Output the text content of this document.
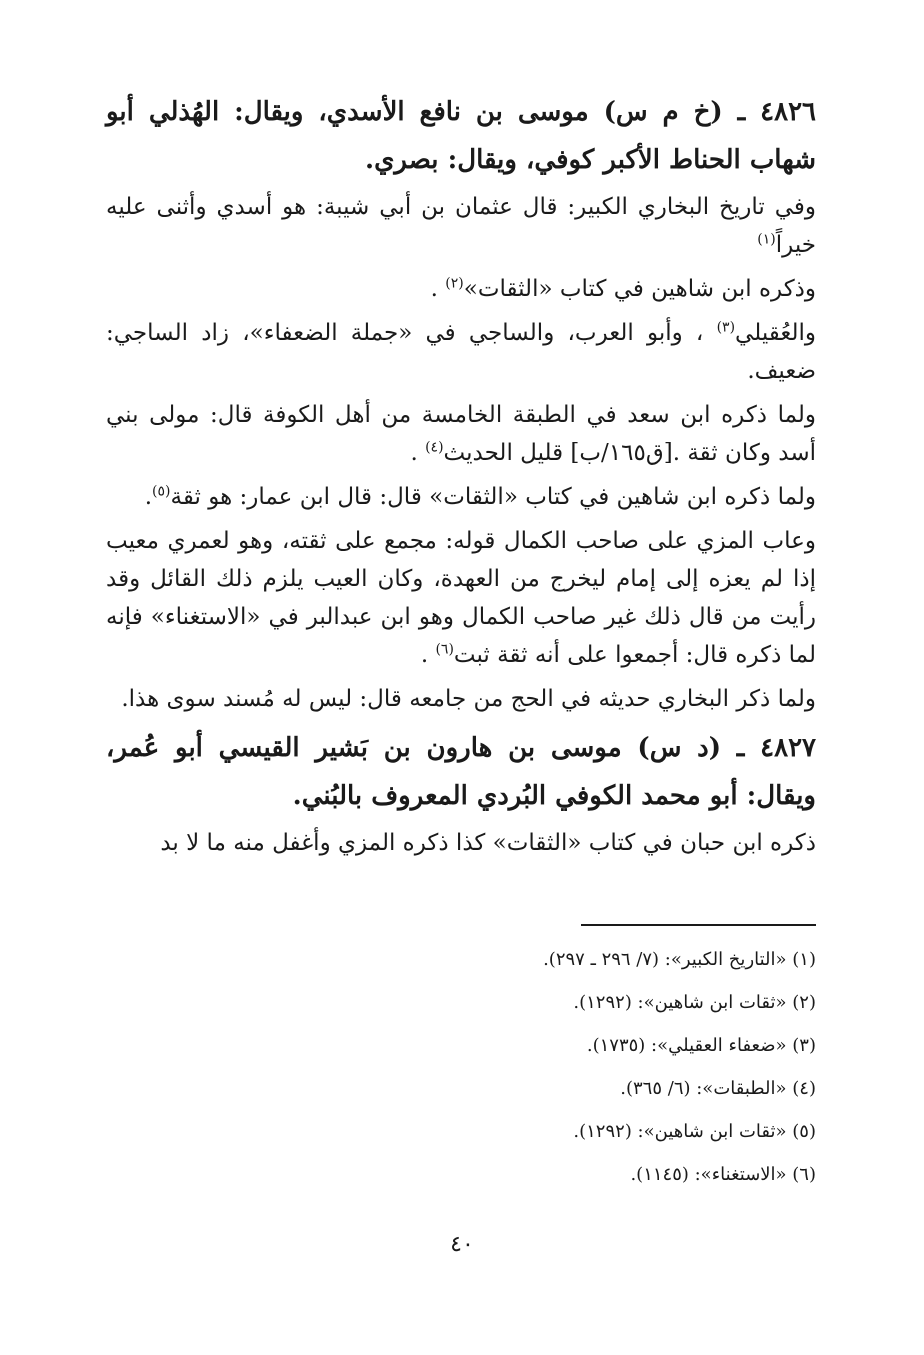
٤٨٢٦ ـ (خ م س) موسى بن نافع الأسدي، ويقال: الهُذلي أبو شهاب الحناط الأكبر كوفي، ويقال: بصري.

وفي تاريخ البخاري الكبير: قال عثمان بن أبي شيبة: هو أسدي وأثنى عليه خيراً$^{(١)}$

وذكره ابن شاهين في كتاب «الثقات»$^{(٢)}$ .

والعُقيلي$^{(٣)}$ ، وأبو العرب، والساجي في «جملة الضعفاء»، زاد الساجي: ضعيف.

ولما ذكره ابن سعد في الطبقة الخامسة من أهل الكوفة قال: مولى بني أسد وكان ثقة .[ق١٦٥/ب] قليل الحديث$^{(٤)}$ .

ولما ذكره ابن شاهين في كتاب «الثقات» قال: قال ابن عمار: هو ثقة$^{(٥)}$.

وعاب المزي على صاحب الكمال قوله: مجمع على ثقته، وهو لعمري معيب إذا لم يعزه إلى إمام ليخرج من العهدة، وكان العيب يلزم ذلك القائل وقد رأيت من قال ذلك غير صاحب الكمال وهو ابن عبدالبر في «الاستغناء» فإنه لما ذكره قال: أجمعوا على أنه ثقة ثبت$^{(٦)}$ .

ولما ذكر البخاري حديثه في الحج من جامعه قال: ليس له مُسند سوى هذا.

٤٨٢٧ ـ (د س) موسى بن هارون بن بَشير القيسي أبو عُمر، ويقال: أبو محمد الكوفي البُردي المعروف بالبُني.

ذكره ابن حبان في كتاب «الثقات» كذا ذكره المزي وأغفل منه ما لا بد

(١) «التاريخ الكبير»: (٧/ ٢٩٦ ـ ٢٩٧).

(٢) «ثقات ابن شاهين»: (١٢٩٢).

(٣) «ضعفاء العقيلي»: (١٧٣٥).

(٤) «الطبقات»: (٦/ ٣٦٥).

(٥) «ثقات ابن شاهين»: (١٢٩٢).

(٦) «الاستغناء»: (١١٤٥).

٤٠
